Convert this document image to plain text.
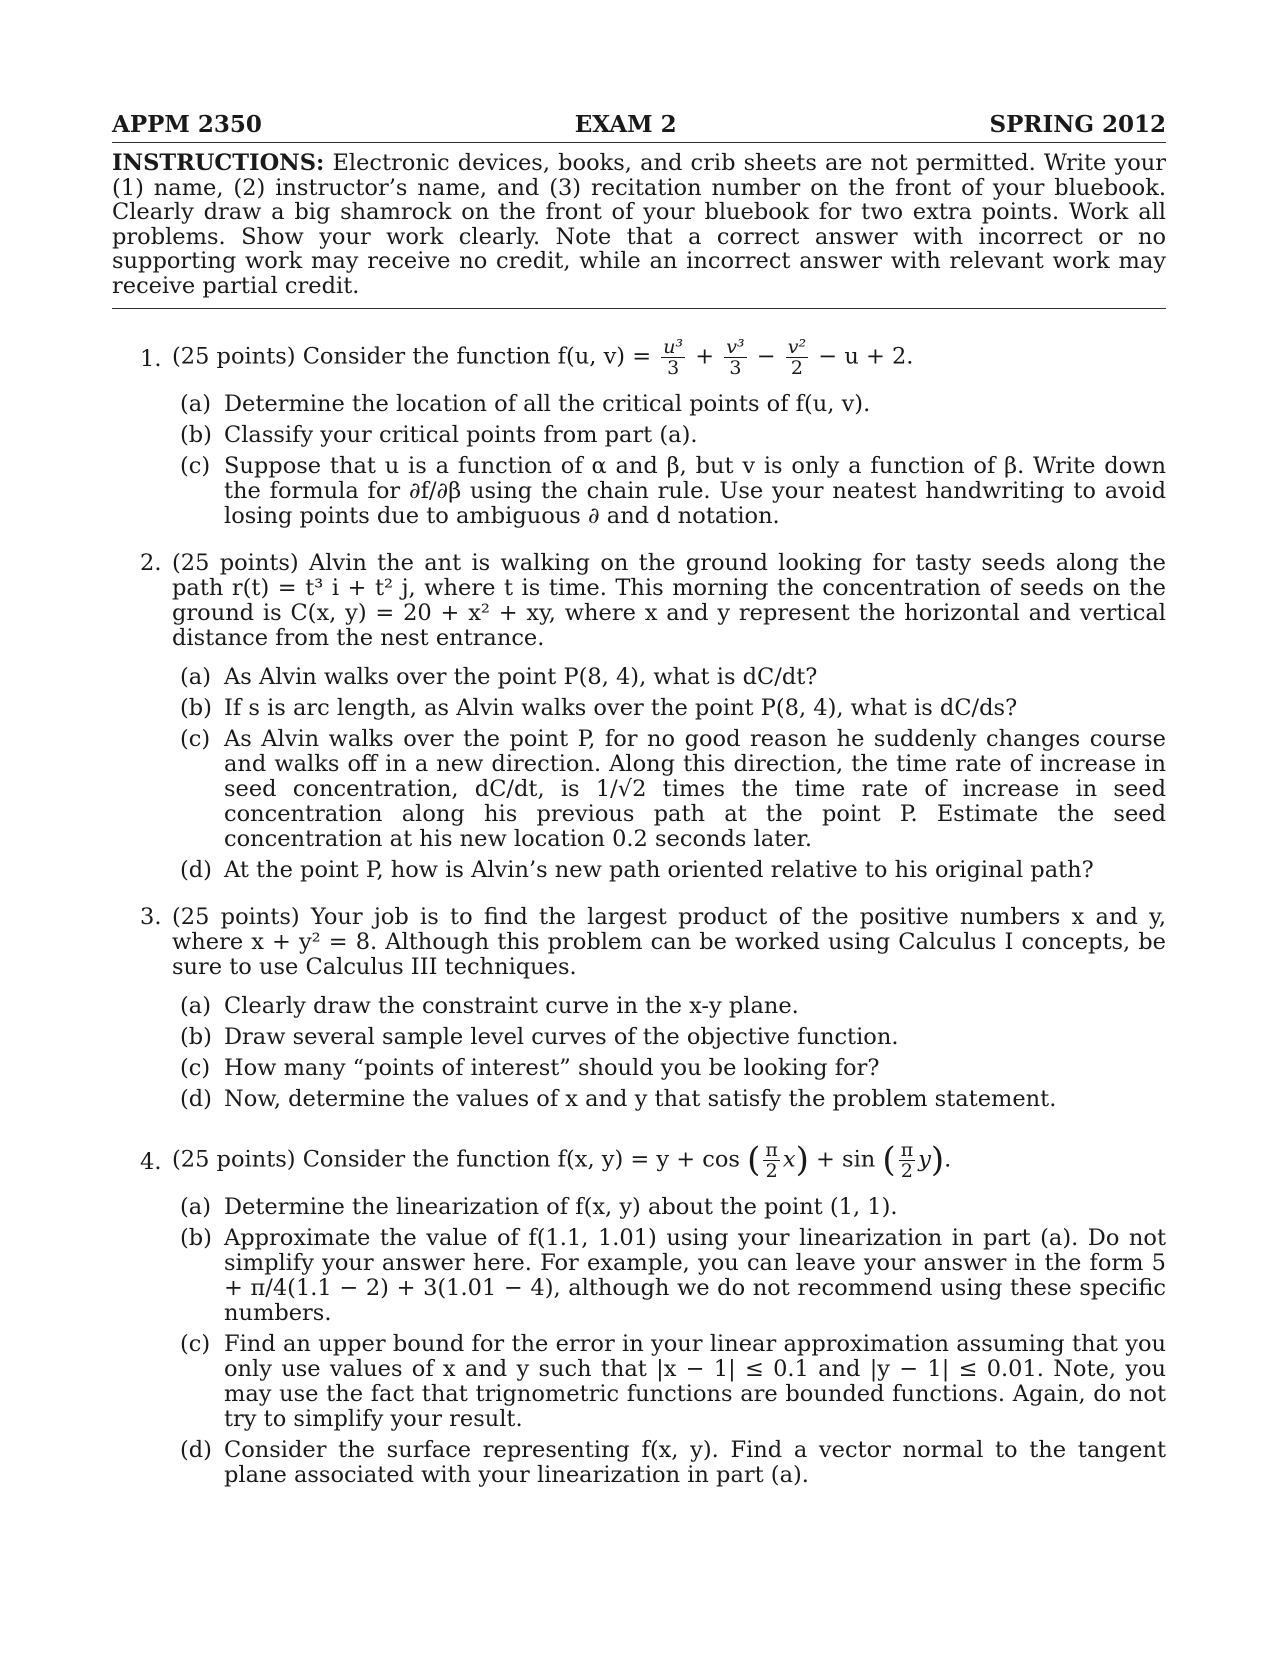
APPM 2350	EXAM 2	SPRING 2012
INSTRUCTIONS: Electronic devices, books, and crib sheets are not permitted. Write your (1) name, (2) instructor’s name, and (3) recitation number on the front of your bluebook. Clearly draw a big shamrock on the front of your bluebook for two extra points. Work all problems. Show your work clearly. Note that a correct answer with incorrect or no supporting work may receive no credit, while an incorrect answer with relevant work may receive partial credit.
1. (25 points) Consider the function f(u, $v) = \frac{\text{u³}}{3} + \frac{\text{v³}}{3} - \frac{\text{v²}}{2} - u + 2$.
(a) Determine the location of all the critical points of f(u, v).
(b) Classify your critical points from part (a).
(c) Suppose that u is a function of α and β, but v is only a function of β. Write down the formula for ∂f/∂β using the chain rule. Use your neatest handwriting to avoid losing points due to ambiguous ∂ and d notation.
2. (25 points) Alvin the ant is walking on the ground looking for tasty seeds along the path r(t) = t³ i + t² j, where t is time. This morning the concentration of seeds on the ground is C(x, y) = 20 + x² + xy, where x and y represent the horizontal and vertical distance from the nest entrance.
(a) As Alvin walks over the point P(8, 4), what is dC/dt?
(b) If s is arc length, as Alvin walks over the point P(8, 4), what is dC/ds?
(c) As Alvin walks over the point P, for no good reason he suddenly changes course and walks off in a new direction. Along this direction, the time rate of increase in seed concentration, dC/dt, is 1/√2 times the time rate of increase in seed concentration along his previous path at the point P. Estimate the seed concentration at his new location 0.2 seconds later.
(d) At the point P, how is Alvin’s new path oriented relative to his original path?
3. (25 points) Your job is to find the largest product of the positive numbers x and y, where x + y² = 8. Although this problem can be worked using Calculus I concepts, be sure to use Calculus III techniques.
(a) Clearly draw the constraint curve in the x-y plane.
(b) Draw several sample level curves of the objective function.
(c) How many “points of interest” should you be looking for?
(d) Now, determine the values of x and y that satisfy the problem statement.
4. (25 points) Consider the function f(x, y) = y + cos ( $\frac{\pi}{2} x) + \sin$ ( $\frac{\pi}{2} y$).
(a) Determine the linearization of f(x, y) about the point (1, 1).
(b) Approximate the value of f(1.1, 1.01) using your linearization in part (a). Do not simplify your answer here. For example, you can leave your answer in the form 5 + π/4(1.1 − 2) + 3(1.01 − 4), although we do not recommend using these specific numbers.
(c) Find an upper bound for the error in your linear approximation assuming that you only use values of x and y such that |x − 1| ≤ 0.1 and |y − 1| ≤ 0.01. Note, you may use the fact that trignometric functions are bounded functions. Again, do not try to simplify your result.
(d) Consider the surface representing f(x, y). Find a vector normal to the tangent plane associated with your linearization in part (a).
